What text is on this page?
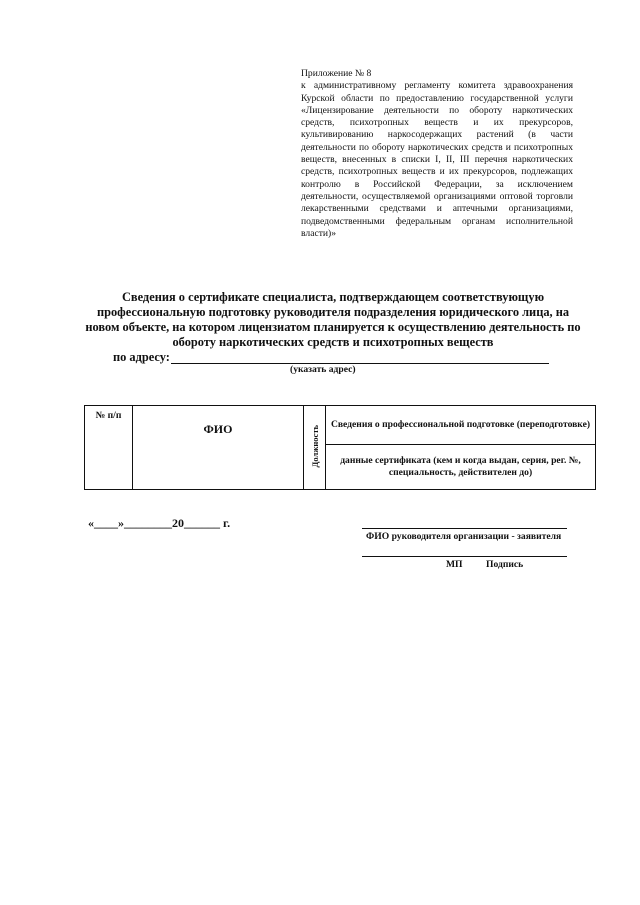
Приложение № 8
к административному регламенту комитета здравоохранения Курской области по предоставлению государственной услуги «Лицензирование деятельности по обороту наркотических средств, психотропных веществ и их прекурсоров, культивированию наркосодержащих растений (в части деятельности по обороту наркотических средств и психотропных веществ, внесенных в списки I, II, III перечня наркотических средств, психотропных веществ и их прекурсоров, подлежащих контролю в Российской Федерации, за исключением деятельности, осуществляемой организациями оптовой торговли лекарственными средствами и аптечными организациями, подведомственными федеральным органам исполнительной власти)»
Сведения о сертификате специалиста, подтверждающем соответствующую профессиональную подготовку руководителя подразделения юридического лица, на новом объекте, на котором лицензиатом планируется к осуществлению деятельность по обороту наркотических средств и психотропных веществ
по адресу:
(указать адрес)
№ п/п	ФИО	Должность	Сведения о профессиональной подготовке (переподготовке)
данные сертификата (кем и когда выдан, серия, рег. №, специальность, действителен до)
«____»________20______ г.
ФИО руководителя организации - заявителя
МП Подпись
